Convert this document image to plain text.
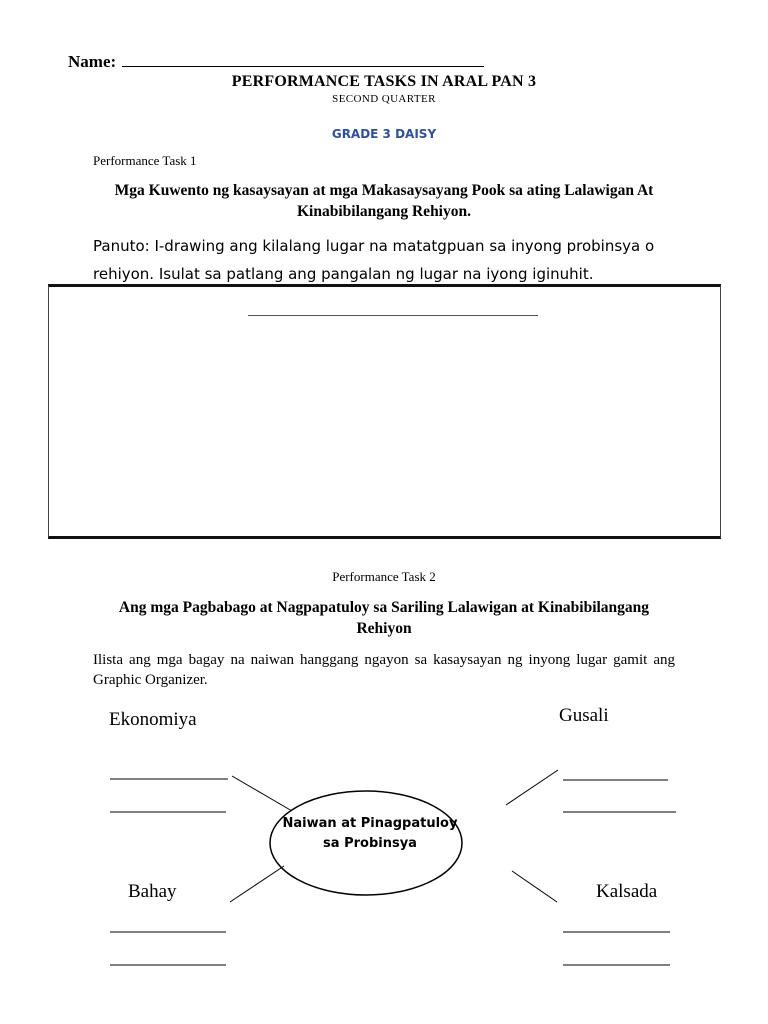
Name:
PERFORMANCE TASKS IN ARAL PAN 3
SECOND QUARTER
GRADE 3 DAISY
Performance Task 1
Mga Kuwento ng kasaysayan at mga Makasaysayang Pook sa ating Lalawigan At Kinabibilangang Rehiyon.
Panuto: I-drawing ang kilalang lugar na matatgpuan sa inyong probinsya o rehiyon. Isulat sa patlang ang pangalan ng lugar na iyong iginuhit.
Performance Task 2
Ang mga Pagbabago at Nagpapatuloy sa Sariling Lalawigan at Kinabibilangang Rehiyon
Ilista ang mga bagay na naiwan hanggang ngayon sa kasaysayan ng inyong lugar gamit ang Graphic Organizer.
Naiwan at Pinagpatuloy sa Probinsya
Ekonomiya	Gusali
Bahay	Kalsada
